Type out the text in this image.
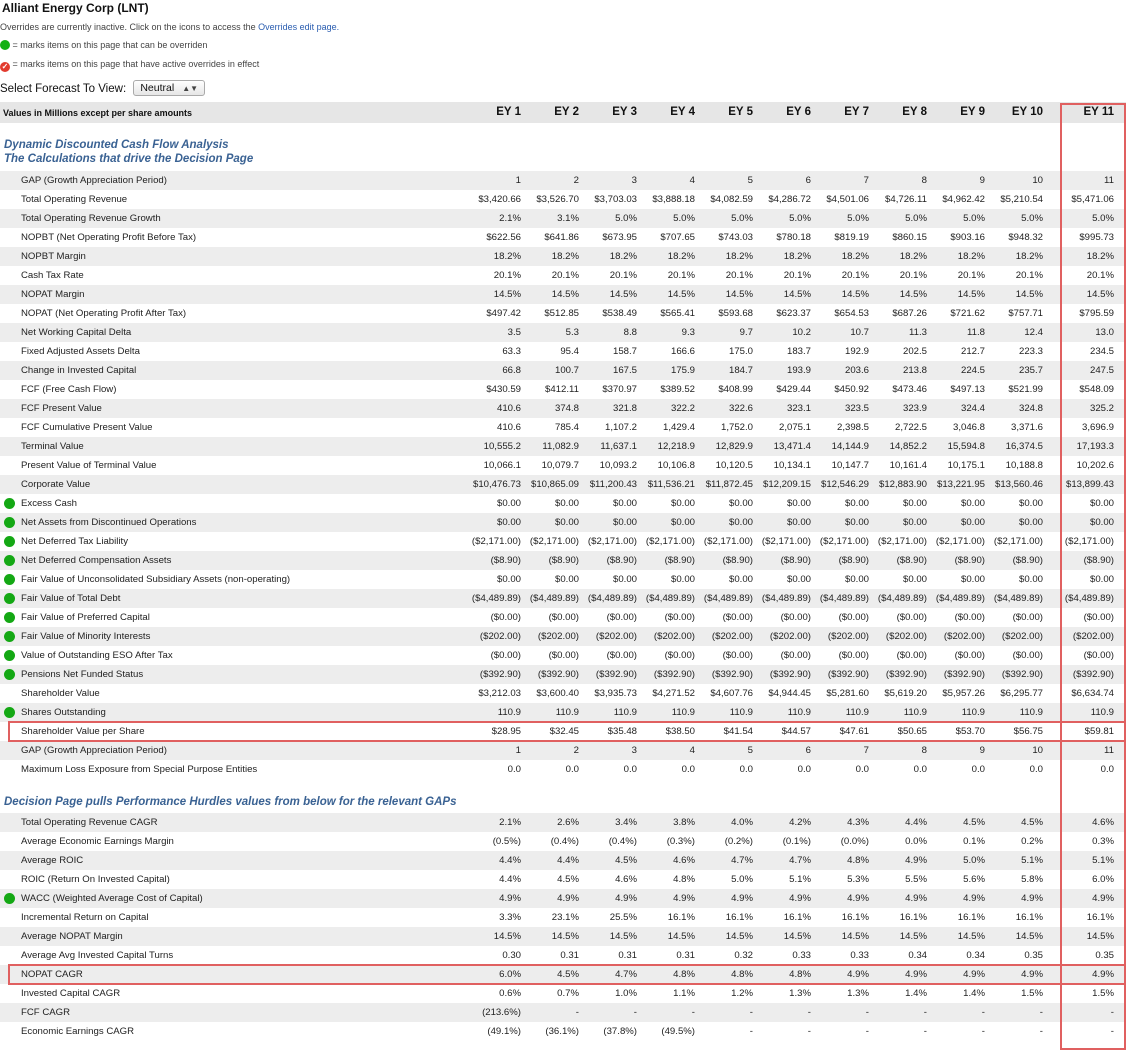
Alliant Energy Corp (LNT)
Overrides are currently inactive. Click on the icons to access the Overrides edit page.
= marks items on this page that can be overriden
✓ = marks items on this page that have active overrides in effect
Select Forecast To View: Neutral ▲▼
Values in Millions except per share amounts	EY 1	EY 2	EY 3	EY 4	EY 5	EY 6	EY 7	EY 8	EY 9	EY 10	EY 11
Dynamic Discounted Cash Flow Analysis
The Calculations that drive the Decision Page
Decision Page pulls Performance Hurdles values from below for the relevant GAPs
GAP (Growth Appreciation Period)	1	2	3	4	5	6	7	8	9	10	11
Total Operating Revenue	$3,420.66	$3,526.70	$3,703.03	$3,888.18	$4,082.59	$4,286.72	$4,501.06	$4,726.11	$4,962.42	$5,210.54	$5,471.06
Total Operating Revenue Growth	2.1%	3.1%	5.0%	5.0%	5.0%	5.0%	5.0%	5.0%	5.0%	5.0%	5.0%
NOPBT (Net Operating Profit Before Tax)	$622.56	$641.86	$673.95	$707.65	$743.03	$780.18	$819.19	$860.15	$903.16	$948.32	$995.73
NOPBT Margin	18.2%	18.2%	18.2%	18.2%	18.2%	18.2%	18.2%	18.2%	18.2%	18.2%	18.2%
Cash Tax Rate	20.1%	20.1%	20.1%	20.1%	20.1%	20.1%	20.1%	20.1%	20.1%	20.1%	20.1%
NOPAT Margin	14.5%	14.5%	14.5%	14.5%	14.5%	14.5%	14.5%	14.5%	14.5%	14.5%	14.5%
NOPAT (Net Operating Profit After Tax)	$497.42	$512.85	$538.49	$565.41	$593.68	$623.37	$654.53	$687.26	$721.62	$757.71	$795.59
Net Working Capital Delta	3.5	5.3	8.8	9.3	9.7	10.2	10.7	11.3	11.8	12.4	13.0
Fixed Adjusted Assets Delta	63.3	95.4	158.7	166.6	175.0	183.7	192.9	202.5	212.7	223.3	234.5
Change in Invested Capital	66.8	100.7	167.5	175.9	184.7	193.9	203.6	213.8	224.5	235.7	247.5
FCF (Free Cash Flow)	$430.59	$412.11	$370.97	$389.52	$408.99	$429.44	$450.92	$473.46	$497.13	$521.99	$548.09
FCF Present Value	410.6	374.8	321.8	322.2	322.6	323.1	323.5	323.9	324.4	324.8	325.2
FCF Cumulative Present Value	410.6	785.4	1,107.2	1,429.4	1,752.0	2,075.1	2,398.5	2,722.5	3,046.8	3,371.6	3,696.9
Terminal Value	10,555.2	11,082.9	11,637.1	12,218.9	12,829.9	13,471.4	14,144.9	14,852.2	15,594.8	16,374.5	17,193.3
Present Value of Terminal Value	10,066.1	10,079.7	10,093.2	10,106.8	10,120.5	10,134.1	10,147.7	10,161.4	10,175.1	10,188.8	10,202.6
Corporate Value	$10,476.73	$10,865.09	$11,200.43	$11,536.21	$11,872.45	$12,209.15	$12,546.29	$12,883.90	$13,221.95	$13,560.46	$13,899.43
Excess Cash	$0.00	$0.00	$0.00	$0.00	$0.00	$0.00	$0.00	$0.00	$0.00	$0.00	$0.00
Net Assets from Discontinued Operations	$0.00	$0.00	$0.00	$0.00	$0.00	$0.00	$0.00	$0.00	$0.00	$0.00	$0.00
Net Deferred Tax Liability	($2,171.00) ($2,171.00) ($2,171.00) ($2,171.00) ($2,171.00) ($2,171.00) ($2,171.00) ($2,171.00) ($2,171.00) ($2,171.00)	($2,171.00)
Net Deferred Compensation Assets	($8.90)	($8.90)	($8.90)	($8.90)	($8.90)	($8.90)	($8.90)	($8.90)	($8.90)	($8.90)	($8.90)
Fair Value of Unconsolidated Subsidiary Assets (non-operating)	$0.00	$0.00	$0.00	$0.00	$0.00	$0.00	$0.00	$0.00	$0.00	$0.00	$0.00
Fair Value of Total Debt	($4,489.89) ($4,489.89) ($4,489.89) ($4,489.89) ($4,489.89) ($4,489.89) ($4,489.89) ($4,489.89) ($4,489.89) ($4,489.89)	($4,489.89)
Fair Value of Preferred Capital	($0.00)	($0.00)	($0.00)	($0.00)	($0.00)	($0.00)	($0.00)	($0.00)	($0.00)	($0.00)	($0.00)
Fair Value of Minority Interests	($202.00)	($202.00)	($202.00)	($202.00)	($202.00)	($202.00)	($202.00)	($202.00)	($202.00)	($202.00)	($202.00)
Value of Outstanding ESO After Tax	($0.00)	($0.00)	($0.00)	($0.00)	($0.00)	($0.00)	($0.00)	($0.00)	($0.00)	($0.00)	($0.00)
Pensions Net Funded Status	($392.90)	($392.90)	($392.90)	($392.90)	($392.90)	($392.90)	($392.90)	($392.90)	($392.90)	($392.90)	($392.90)
Shareholder Value	$3,212.03	$3,600.40	$3,935.73	$4,271.52	$4,607.76	$4,944.45	$5,281.60	$5,619.20	$5,957.26	$6,295.77	$6,634.74
Shares Outstanding	110.9	110.9	110.9	110.9	110.9	110.9	110.9	110.9	110.9	110.9	110.9
Shareholder Value per Share	$28.95	$32.45	$35.48	$38.50	$41.54	$44.57	$47.61	$50.65	$53.70	$56.75	$59.81
GAP (Growth Appreciation Period)	1	2	3	4	5	6	7	8	9	10	11
Maximum Loss Exposure from Special Purpose Entities	0.0	0.0	0.0	0.0	0.0	0.0	0.0	0.0	0.0	0.0	0.0
Total Operating Revenue CAGR	2.1%	2.6%	3.4%	3.8%	4.0%	4.2%	4.3%	4.4%	4.5%	4.5%	4.6%
Average Economic Earnings Margin	(0.5%)	(0.4%)	(0.4%)	(0.3%)	(0.2%)	(0.1%)	(0.0%)	0.0%	0.1%	0.2%	0.3%
Average ROIC	4.4%	4.4%	4.5%	4.6%	4.7%	4.7%	4.8%	4.9%	5.0%	5.1%	5.1%
ROIC (Return On Invested Capital)	4.4%	4.5%	4.6%	4.8%	5.0%	5.1%	5.3%	5.5%	5.6%	5.8%	6.0%
WACC (Weighted Average Cost of Capital)	4.9%	4.9%	4.9%	4.9%	4.9%	4.9%	4.9%	4.9%	4.9%	4.9%	4.9%
Incremental Return on Capital	3.3%	23.1%	25.5%	16.1%	16.1%	16.1%	16.1%	16.1%	16.1%	16.1%	16.1%
Average NOPAT Margin	14.5%	14.5%	14.5%	14.5%	14.5%	14.5%	14.5%	14.5%	14.5%	14.5%	14.5%
Average Avg Invested Capital Turns	0.30	0.31	0.31	0.31	0.32	0.33	0.33	0.34	0.34	0.35	0.35
NOPAT CAGR	6.0%	4.5%	4.7%	4.8%	4.8%	4.8%	4.9%	4.9%	4.9%	4.9%	4.9%
Invested Capital CAGR	0.6%	0.7%	1.0%	1.1%	1.2%	1.3%	1.3%	1.4%	1.4%	1.5%	1.5%
FCF CAGR	(213.6%)	-	-	-	-	-	-	-	-	-	-
Economic Earnings CAGR	(49.1%)	(36.1%)	(37.8%)	(49.5%)	-	-	-	-	-	-	-
